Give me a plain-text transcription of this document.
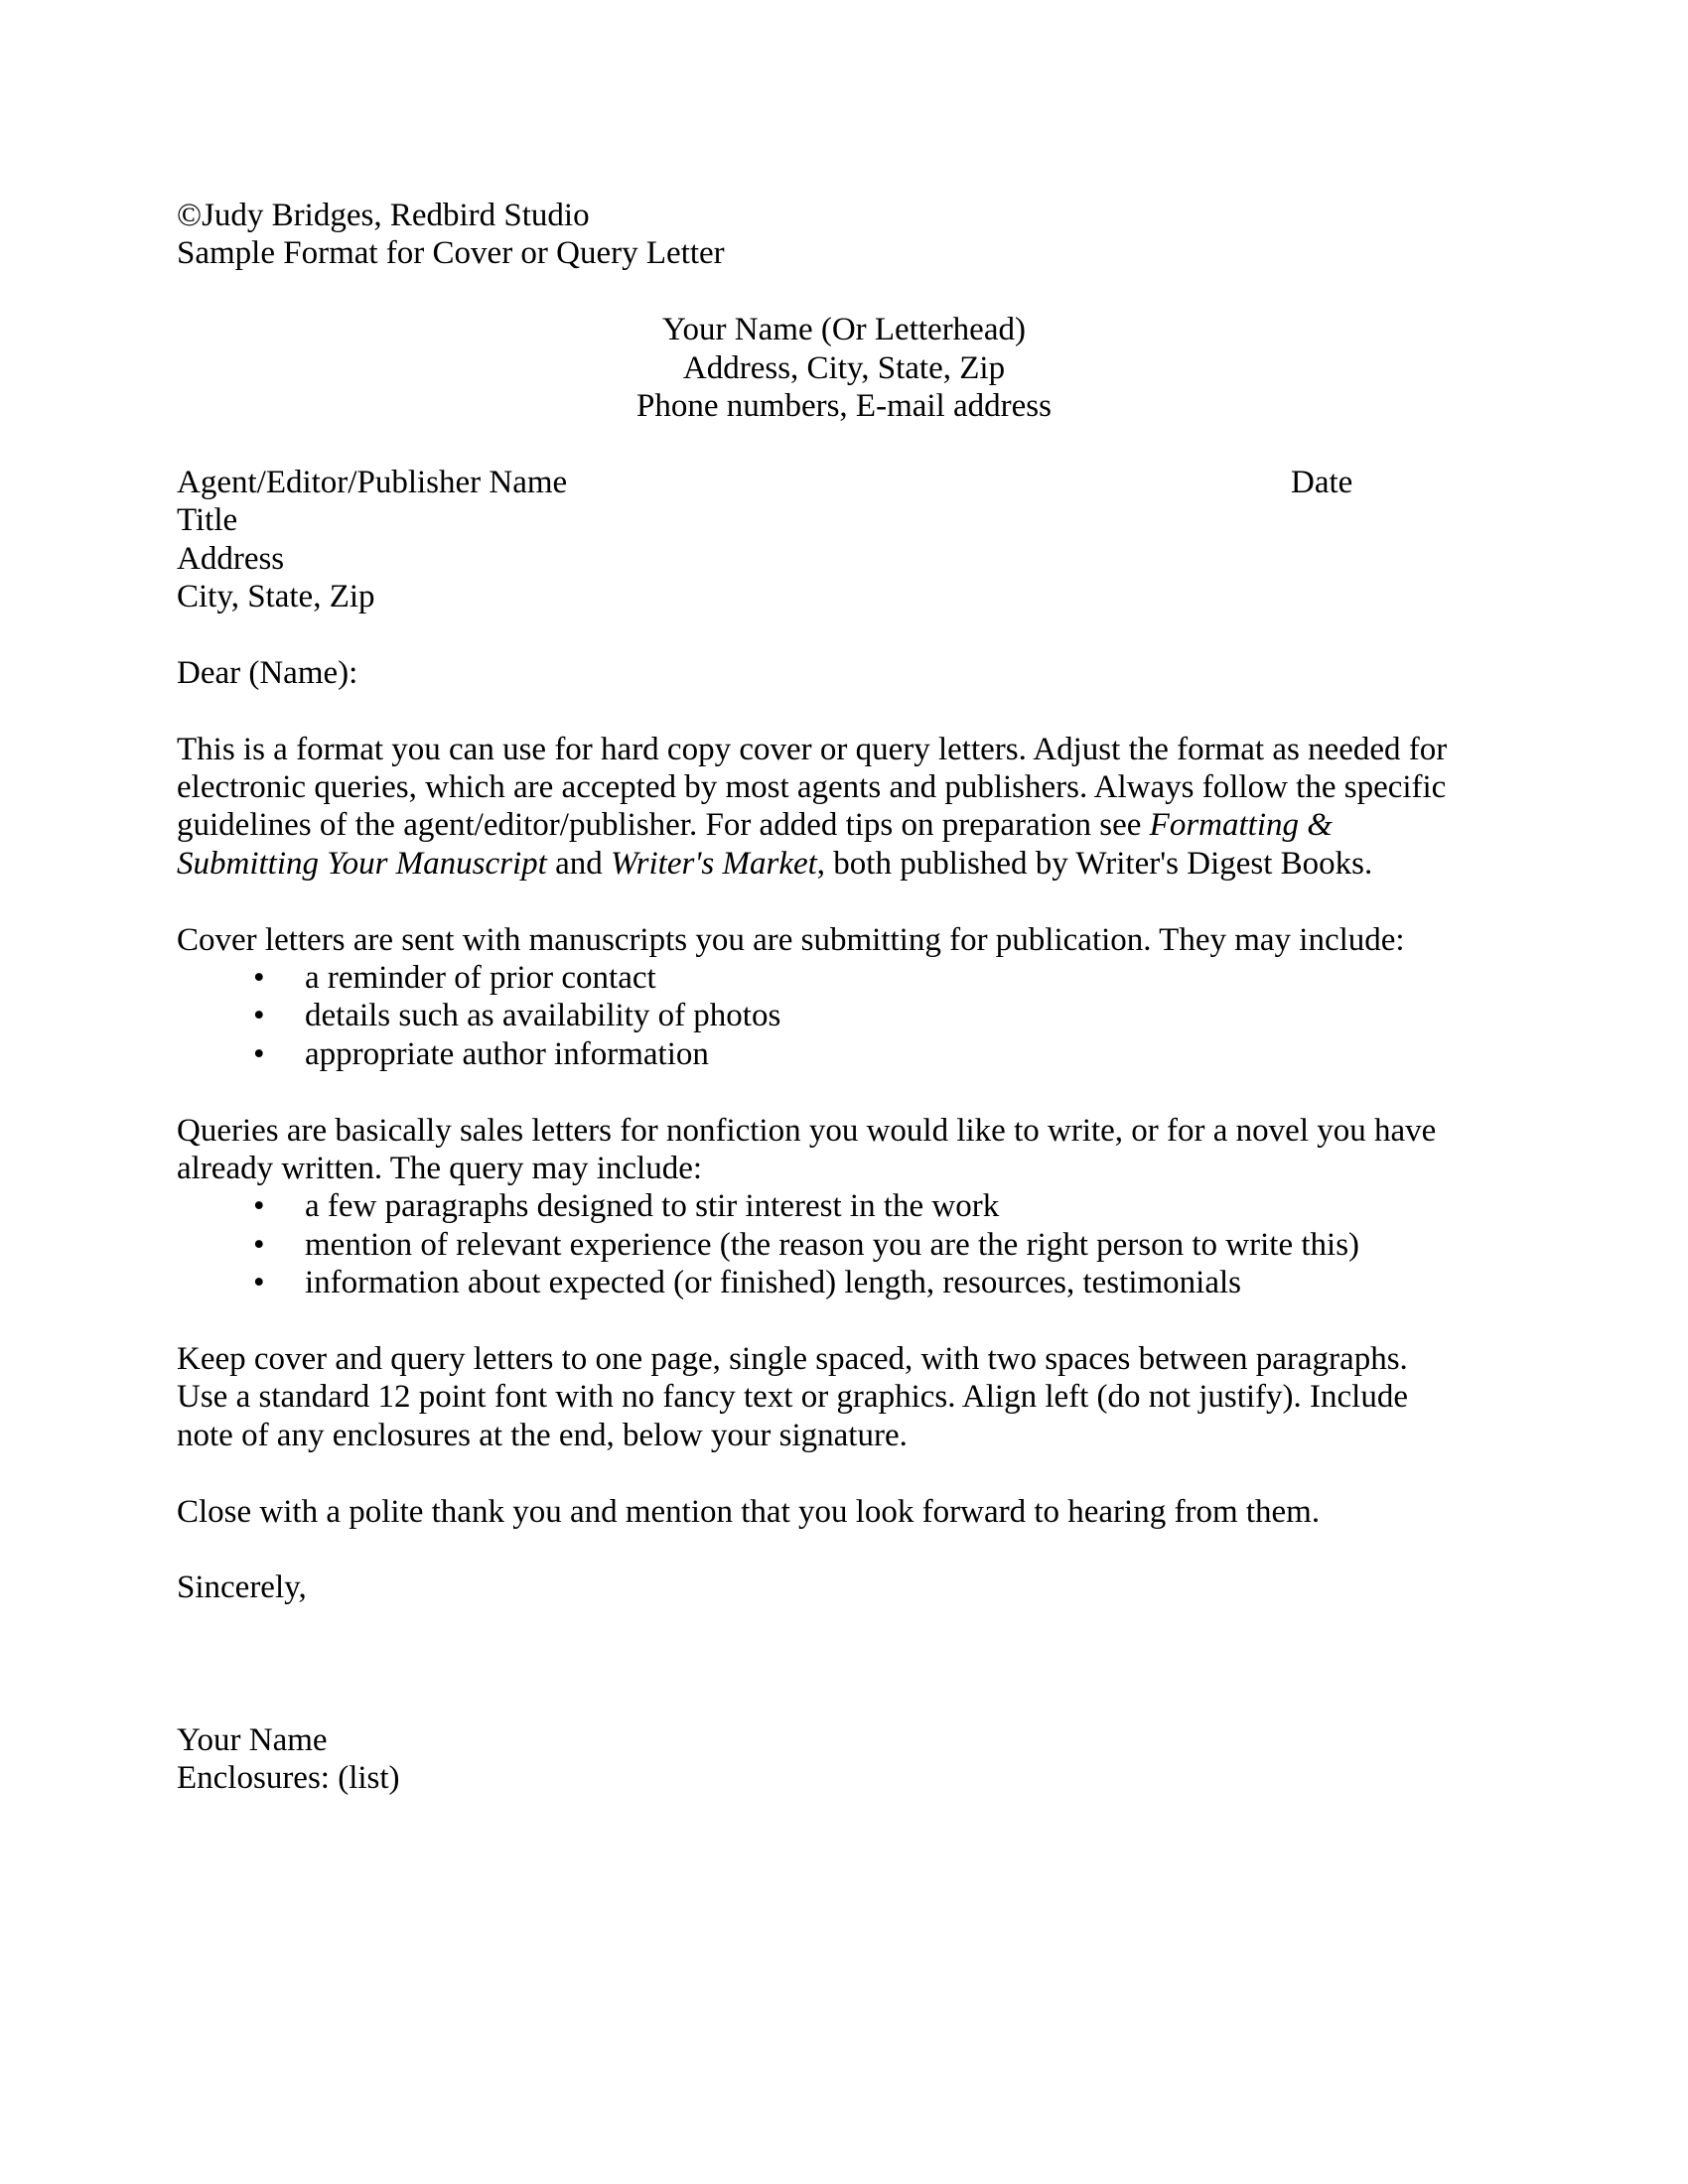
©Judy Bridges, Redbird Studio

Sample Format for Cover or Query Letter

Your Name (Or Letterhead)

Address, City, State, Zip

Phone numbers, E-mail address

Agent/Editor/Publisher Name	Date

Title

Address

City, State, Zip

Dear (Name):

This is a format you can use for hard copy cover or query letters. Adjust the format as needed for
electronic queries, which are accepted by most agents and publishers. Always follow the specific
guidelines of the agent/editor/publisher. For added tips on preparation see Formatting &
Submitting Your Manuscript and Writer's Market, both published by Writer's Digest Books.

Cover letters are sent with manuscripts you are submitting for publication. They may include:

• a reminder of prior contact

• details such as availability of photos

• appropriate author information

Queries are basically sales letters for nonfiction you would like to write, or for a novel you have
already written. The query may include:

• a few paragraphs designed to stir interest in the work

• mention of relevant experience (the reason you are the right person to write this)

• information about expected (or finished) length, resources, testimonials

Keep cover and query letters to one page, single spaced, with two spaces between paragraphs.
Use a standard 12 point font with no fancy text or graphics. Align left (do not justify). Include
note of any enclosures at the end, below your signature.

Close with a polite thank you and mention that you look forward to hearing from them.

Sincerely,

Your Name

Enclosures: (list)
